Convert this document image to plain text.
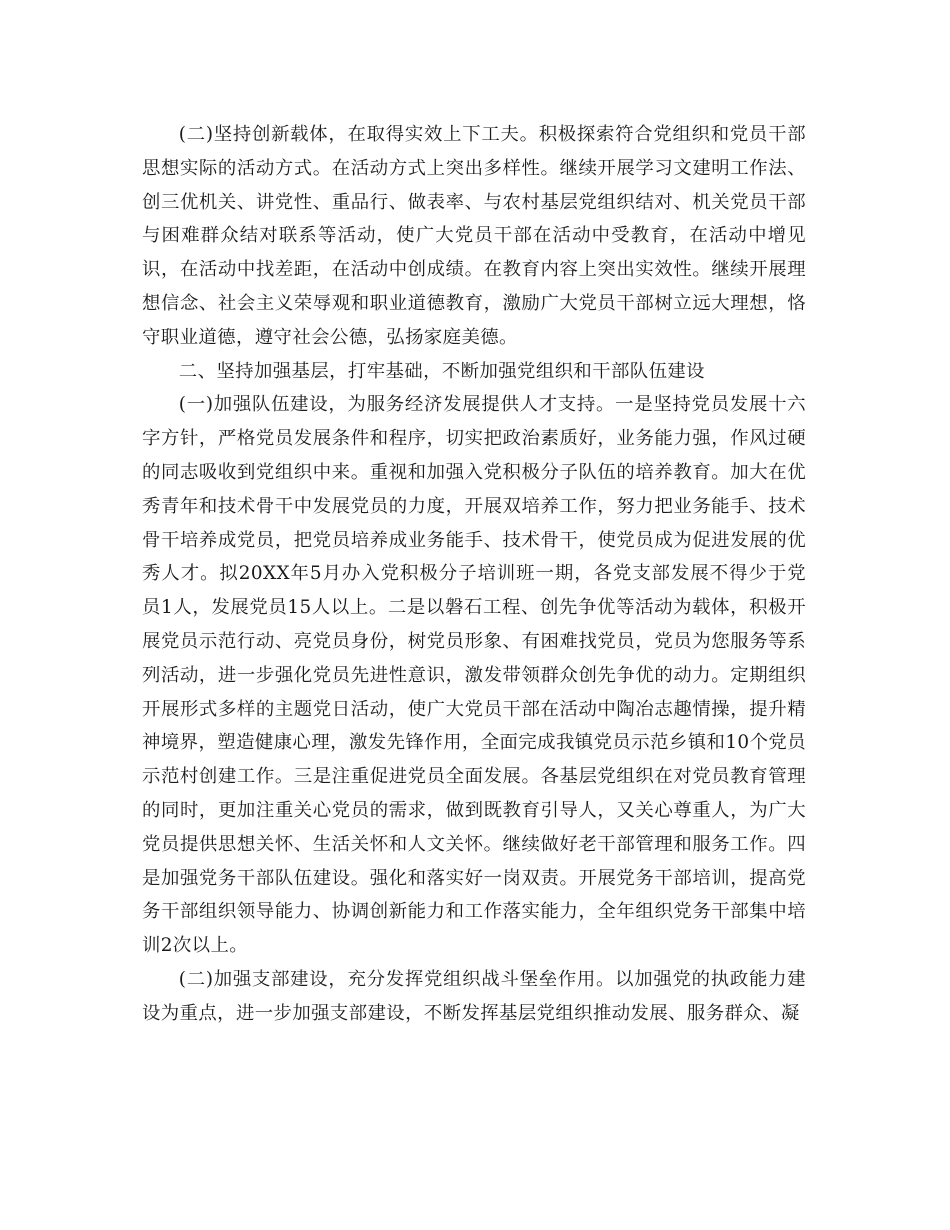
(二)坚持创新载体，在取得实效上下工夫。积极探索符合党组织和党员干部思想实际的活动方式。在活动方式上突出多样性。继续开展学习文建明工作法、创三优机关、讲党性、重品行、做表率、与农村基层党组织结对、机关党员干部与困难群众结对联系等活动，使广大党员干部在活动中受教育，在活动中增见识，在活动中找差距，在活动中创成绩。在教育内容上突出实效性。继续开展理想信念、社会主义荣辱观和职业道德教育，激励广大党员干部树立远大理想，恪守职业道德，遵守社会公德，弘扬家庭美德。

二、坚持加强基层，打牢基础，不断加强党组织和干部队伍建设

(一)加强队伍建设，为服务经济发展提供人才支持。一是坚持党员发展十六字方针，严格党员发展条件和程序，切实把政治素质好，业务能力强，作风过硬的同志吸收到党组织中来。重视和加强入党积极分子队伍的培养教育。加大在优秀青年和技术骨干中发展党员的力度，开展双培养工作，努力把业务能手、技术骨干培养成党员，把党员培养成业务能手、技术骨干，使党员成为促进发展的优秀人才。拟20XX年5月办入党积极分子培训班一期，各党支部发展不得少于党员1人，发展党员15人以上。二是以磐石工程、创先争优等活动为载体，积极开展党员示范行动、亮党员身份，树党员形象、有困难找党员，党员为您服务等系列活动，进一步强化党员先进性意识，激发带领群众创先争优的动力。定期组织开展形式多样的主题党日活动，使广大党员干部在活动中陶冶志趣情操，提升精神境界，塑造健康心理，激发先锋作用，全面完成我镇党员示范乡镇和10个党员示范村创建工作。三是注重促进党员全面发展。各基层党组织在对党员教育管理的同时，更加注重关心党员的需求，做到既教育引导人，又关心尊重人，为广大党员提供思想关怀、生活关怀和人文关怀。继续做好老干部管理和服务工作。四是加强党务干部队伍建设。强化和落实好一岗双责。开展党务干部培训，提高党务干部组织领导能力、协调创新能力和工作落实能力，全年组织党务干部集中培训2次以上。

(二)加强支部建设，充分发挥党组织战斗堡垒作用。以加强党的执政能力建设为重点，进一步加强支部建设，不断发挥基层党组织推动发展、服务群众、凝
